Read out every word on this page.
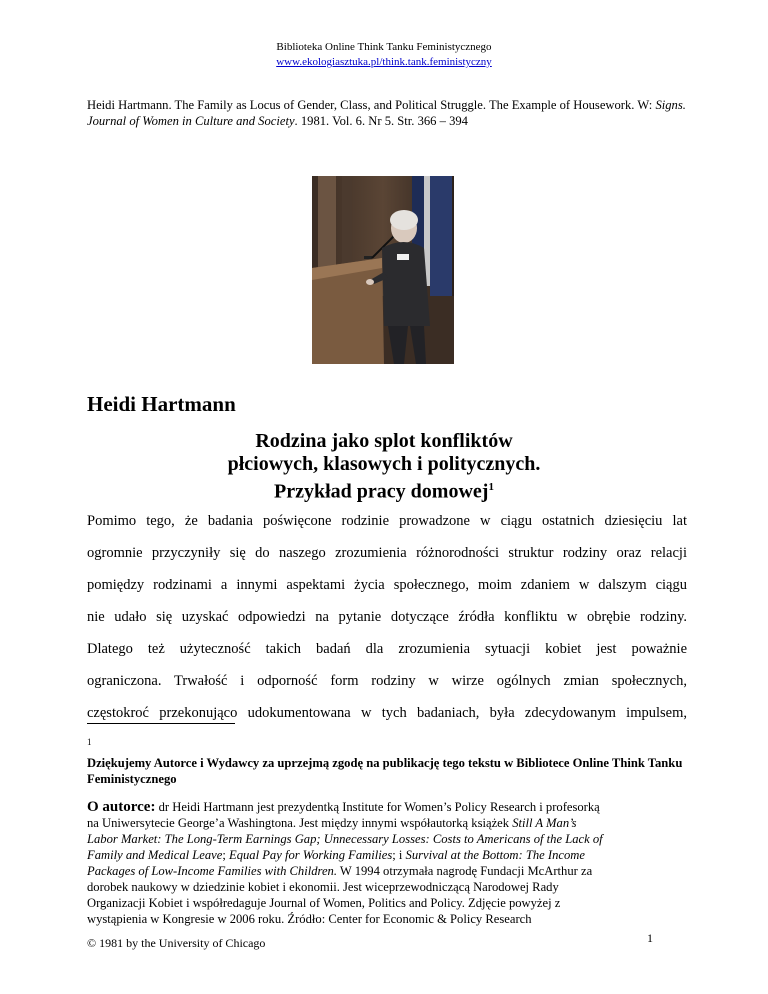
Biblioteka Online Think Tanku Feministycznego
www.ekologiasztuka.pl/think.tank.feministyczny
Heidi Hartmann. The Family as Locus of Gender, Class, and Political Struggle. The Example of Housework. W: Signs. Journal of Women in Culture and Society. 1981. Vol. 6. Nr 5. Str. 366 – 394
Heidi Hartmann
Rodzina jako splot konfliktów
płciowych, klasowych i politycznych.
Przykład pracy domowej$^1$
Pomimo tego, że badania poświęcone rodzinie prowadzone w ciągu ostatnich dziesięciu lat
ogromnie przyczyniły się do naszego zrozumienia różnorodności struktur rodziny oraz relacji
pomiędzy rodzinami a innymi aspektami życia społecznego, moim zdaniem w dalszym ciągu
nie udało się uzyskać odpowiedzi na pytanie dotyczące źródła konfliktu w obrębie rodziny.
Dlatego też użyteczność takich badań dla zrozumienia sytuacji kobiet jest poważnie
ograniczona. Trwałość i odporność form rodziny w wirze ogólnych zmian społecznych,
częstokroć przekonująco udokumentowana w tych badaniach, była zdecydowanym impulsem,
1
Dziękujemy Autorce i Wydawcy za uprzejmą zgodę na publikację tego tekstu w Bibliotece Online Think Tanku Feministycznego
O autorce: dr Heidi Hartmann jest prezydentką Institute for Women’s Policy Research i profesorką
na Uniwersytecie George’a Washingtona. Jest między innymi współautorką książek Still A Man’s
Labor Market: The Long-Term Earnings Gap; Unnecessary Losses: Costs to Americans of the Lack of
Family and Medical Leave; Equal Pay for Working Families; i Survival at the Bottom: The Income
Packages of Low-Income Families with Children. W 1994 otrzymała nagrodę Fundacji McArthur za
dorobek naukowy w dziedzinie kobiet i ekonomii. Jest wiceprzewodniczącą Narodowej Rady
Organizacji Kobiet i współredaguje Journal of Women, Politics and Policy. Zdjęcie powyżej z
wystąpienia w Kongresie w 2006 roku. Źródło: Center for Economic & Policy Research
© 1981 by the University of Chicago	1
